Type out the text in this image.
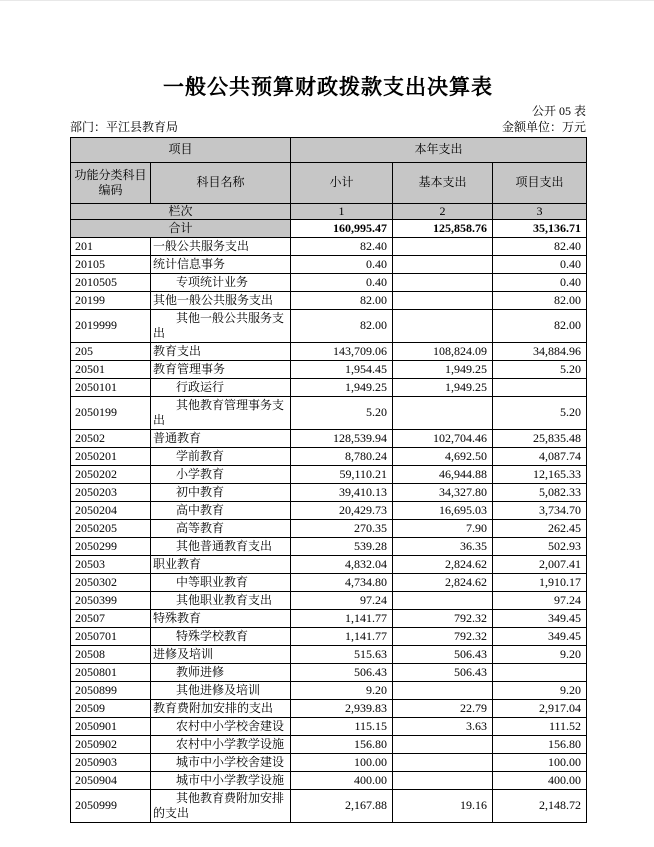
一般公共预算财政拨款支出决算表
公开 05 表
部门：平江县教育局	金额单位：万元
项目		本年支出		
功能分类科目编码	科目名称	小计	基本支出	项目支出
栏次		1	2	3
合计		160,995.47	125,858.76	35,136.71
201	一般公共服务支出	82.40		82.40
20105	统计信息事务	0.40		0.40
2010505	专项统计业务	0.40		0.40
20199	其他一般公共服务支出	82.00		82.00
2019999	其他一般公共服务支出	82.00		82.00
205	教育支出	143,709.06	108,824.09	34,884.96
20501	教育管理事务	1,954.45	1,949.25	5.20
2050101	行政运行	1,949.25	1,949.25	
2050199	其他教育管理事务支出	5.20		5.20
20502	普通教育	128,539.94	102,704.46	25,835.48
2050201	学前教育	8,780.24	4,692.50	4,087.74
2050202	小学教育	59,110.21	46,944.88	12,165.33
2050203	初中教育	39,410.13	34,327.80	5,082.33
2050204	高中教育	20,429.73	16,695.03	3,734.70
2050205	高等教育	270.35	7.90	262.45
2050299	其他普通教育支出	539.28	36.35	502.93
20503	职业教育	4,832.04	2,824.62	2,007.41
2050302	中等职业教育	4,734.80	2,824.62	1,910.17
2050399	其他职业教育支出	97.24		97.24
20507	特殊教育	1,141.77	792.32	349.45
2050701	特殊学校教育	1,141.77	792.32	349.45
20508	进修及培训	515.63	506.43	9.20
2050801	教师进修	506.43	506.43	
2050899	其他进修及培训	9.20		9.20
20509	教育费附加安排的支出	2,939.83	22.79	2,917.04
2050901	农村中小学校舍建设	115.15	3.63	111.52
2050902	农村中小学教学设施	156.80		156.80
2050903	城市中小学校舍建设	100.00		100.00
2050904	城市中小学教学设施	400.00		400.00
2050999	其他教育费附加安排的支出	2,167.88	19.16	2,148.72
